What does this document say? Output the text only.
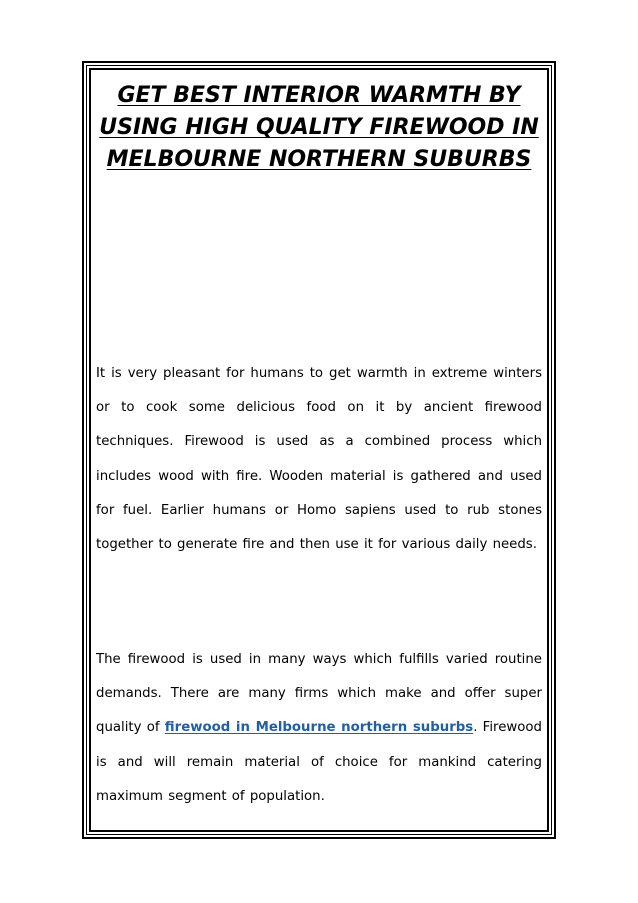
GET BEST INTERIOR WARMTH BY USING HIGH QUALITY FIREWOOD IN MELBOURNE NORTHERN SUBURBS

It is very pleasant for humans to get warmth in extreme winters or to cook some delicious food on it by ancient firewood techniques. Firewood is used as a combined process which includes wood with fire. Wooden material is gathered and used for fuel. Earlier humans or Homo sapiens used to rub stones together to generate fire and then use it for various daily needs.

The firewood is used in many ways which fulfills varied routine demands. There are many firms which make and offer super quality of firewood in Melbourne northern suburbs. Firewood is and will remain material of choice for mankind catering maximum segment of population.
